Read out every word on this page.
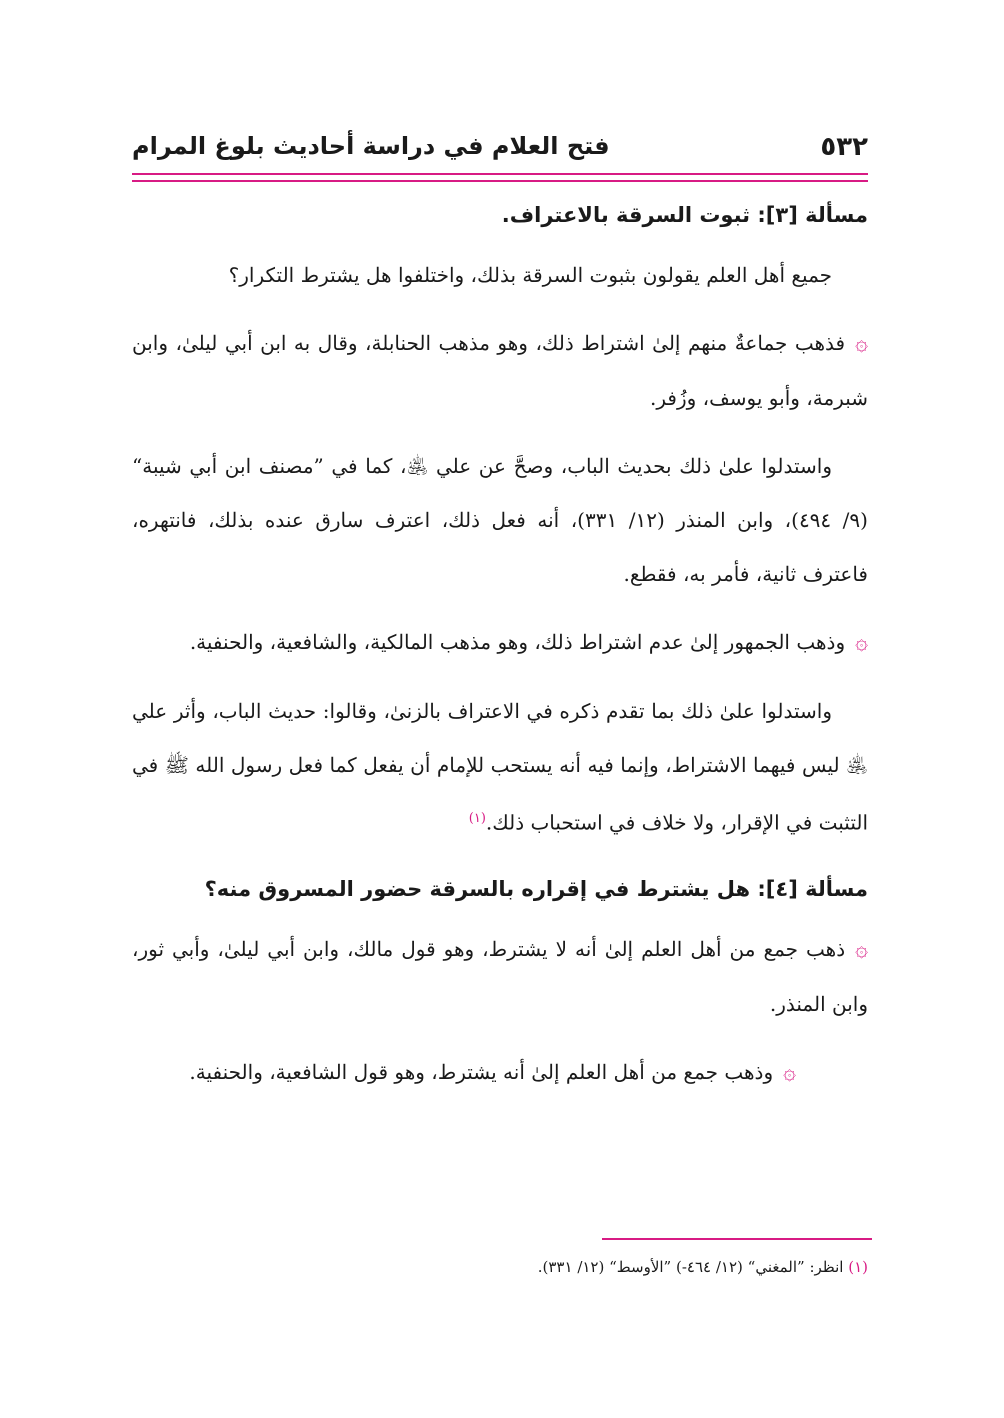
٥٣٢
فتح العلام في دراسة أحاديث بلوغ المرام

مسألة [٣]: ثبوت السرقة بالاعتراف.

جميع أهل العلم يقولون بثبوت السرقة بذلك، واختلفوا هل يشترط التكرار؟

۞فذهب جماعةٌ منهم إلىٰ اشتراط ذلك، وهو مذهب الحنابلة، وقال به ابن أبي ليلىٰ، وابن شبرمة، وأبو يوسف، وزُفر.

واستدلوا علىٰ ذلك بحديث الباب، وصحَّ عن علي ﵁، كما في ”مصنف ابن أبي شيبة“ (٩/ ٤٩٤)، وابن المنذر (١٢/ ٣٣١)، أنه فعل ذلك، اعترف سارق عنده بذلك، فانتهره، فاعترف ثانية، فأمر به، فقطع.

۞وذهب الجمهور إلىٰ عدم اشتراط ذلك، وهو مذهب المالكية، والشافعية، والحنفية.

واستدلوا علىٰ ذلك بما تقدم ذكره في الاعتراف بالزنىٰ، وقالوا: حديث الباب، وأثر علي ﵁ ليس فيهما الاشتراط، وإنما فيه أنه يستحب للإمام أن يفعل كما فعل رسول الله ﷺ في التثبت في الإقرار، ولا خلاف في استحباب ذلك.$^{(١)}$

مسألة [٤]: هل يشترط في إقراره بالسرقة حضور المسروق منه؟

۞ذهب جمع من أهل العلم إلىٰ أنه لا يشترط، وهو قول مالك، وابن أبي ليلىٰ، وأبي ثور، وابن المنذر.

۞وذهب جمع من أهل العلم إلىٰ أنه يشترط، وهو قول الشافعية، والحنفية.

(١) انظر: ”المغني“ (١٢/ ٤٦٤-) ”الأوسط“ (١٢/ ٣٣١).
